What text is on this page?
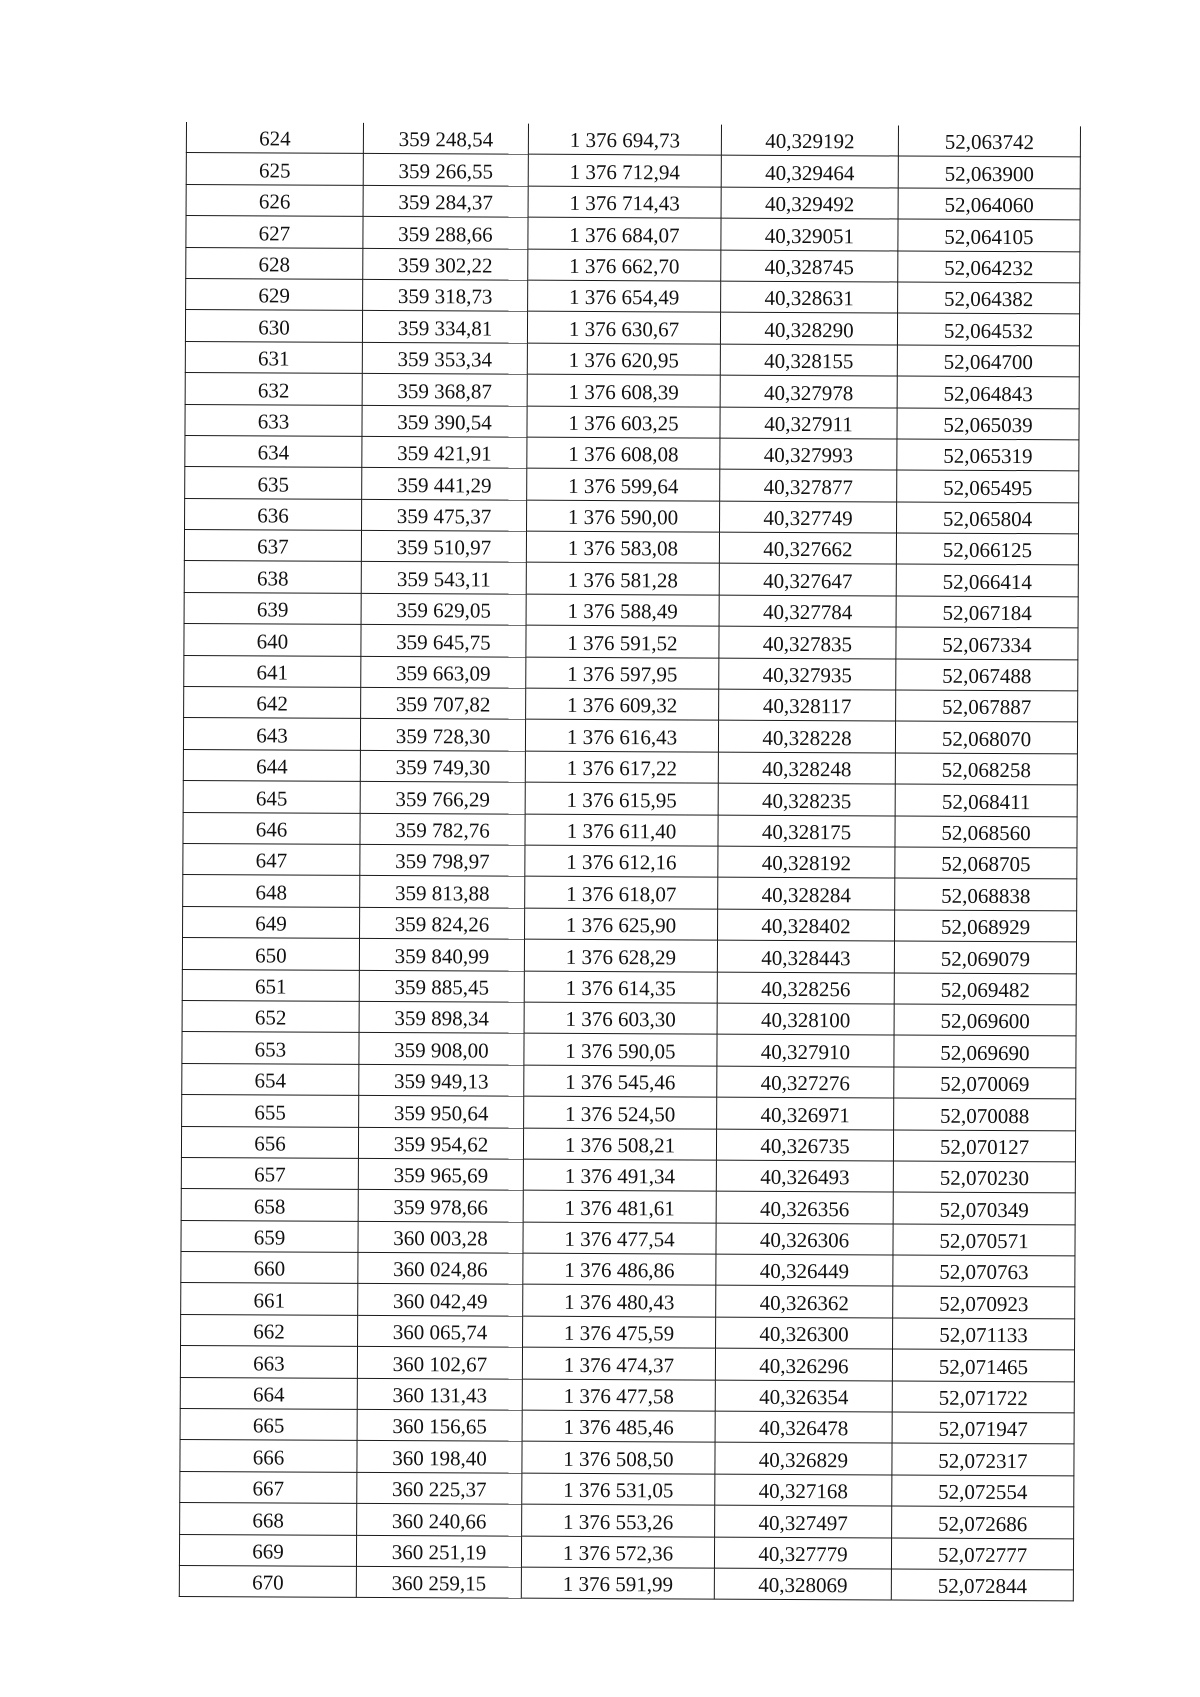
624	359 248,54	1 376 694,73	40,329192	52,063742
625	359 266,55	1 376 712,94	40,329464	52,063900
626	359 284,37	1 376 714,43	40,329492	52,064060
627	359 288,66	1 376 684,07	40,329051	52,064105
628	359 302,22	1 376 662,70	40,328745	52,064232
629	359 318,73	1 376 654,49	40,328631	52,064382
630	359 334,81	1 376 630,67	40,328290	52,064532
631	359 353,34	1 376 620,95	40,328155	52,064700
632	359 368,87	1 376 608,39	40,327978	52,064843
633	359 390,54	1 376 603,25	40,327911	52,065039
634	359 421,91	1 376 608,08	40,327993	52,065319
635	359 441,29	1 376 599,64	40,327877	52,065495
636	359 475,37	1 376 590,00	40,327749	52,065804
637	359 510,97	1 376 583,08	40,327662	52,066125
638	359 543,11	1 376 581,28	40,327647	52,066414
639	359 629,05	1 376 588,49	40,327784	52,067184
640	359 645,75	1 376 591,52	40,327835	52,067334
641	359 663,09	1 376 597,95	40,327935	52,067488
642	359 707,82	1 376 609,32	40,328117	52,067887
643	359 728,30	1 376 616,43	40,328228	52,068070
644	359 749,30	1 376 617,22	40,328248	52,068258
645	359 766,29	1 376 615,95	40,328235	52,068411
646	359 782,76	1 376 611,40	40,328175	52,068560
647	359 798,97	1 376 612,16	40,328192	52,068705
648	359 813,88	1 376 618,07	40,328284	52,068838
649	359 824,26	1 376 625,90	40,328402	52,068929
650	359 840,99	1 376 628,29	40,328443	52,069079
651	359 885,45	1 376 614,35	40,328256	52,069482
652	359 898,34	1 376 603,30	40,328100	52,069600
653	359 908,00	1 376 590,05	40,327910	52,069690
654	359 949,13	1 376 545,46	40,327276	52,070069
655	359 950,64	1 376 524,50	40,326971	52,070088
656	359 954,62	1 376 508,21	40,326735	52,070127
657	359 965,69	1 376 491,34	40,326493	52,070230
658	359 978,66	1 376 481,61	40,326356	52,070349
659	360 003,28	1 376 477,54	40,326306	52,070571
660	360 024,86	1 376 486,86	40,326449	52,070763
661	360 042,49	1 376 480,43	40,326362	52,070923
662	360 065,74	1 376 475,59	40,326300	52,071133
663	360 102,67	1 376 474,37	40,326296	52,071465
664	360 131,43	1 376 477,58	40,326354	52,071722
665	360 156,65	1 376 485,46	40,326478	52,071947
666	360 198,40	1 376 508,50	40,326829	52,072317
667	360 225,37	1 376 531,05	40,327168	52,072554
668	360 240,66	1 376 553,26	40,327497	52,072686
669	360 251,19	1 376 572,36	40,327779	52,072777
670	360 259,15	1 376 591,99	40,328069	52,072844
